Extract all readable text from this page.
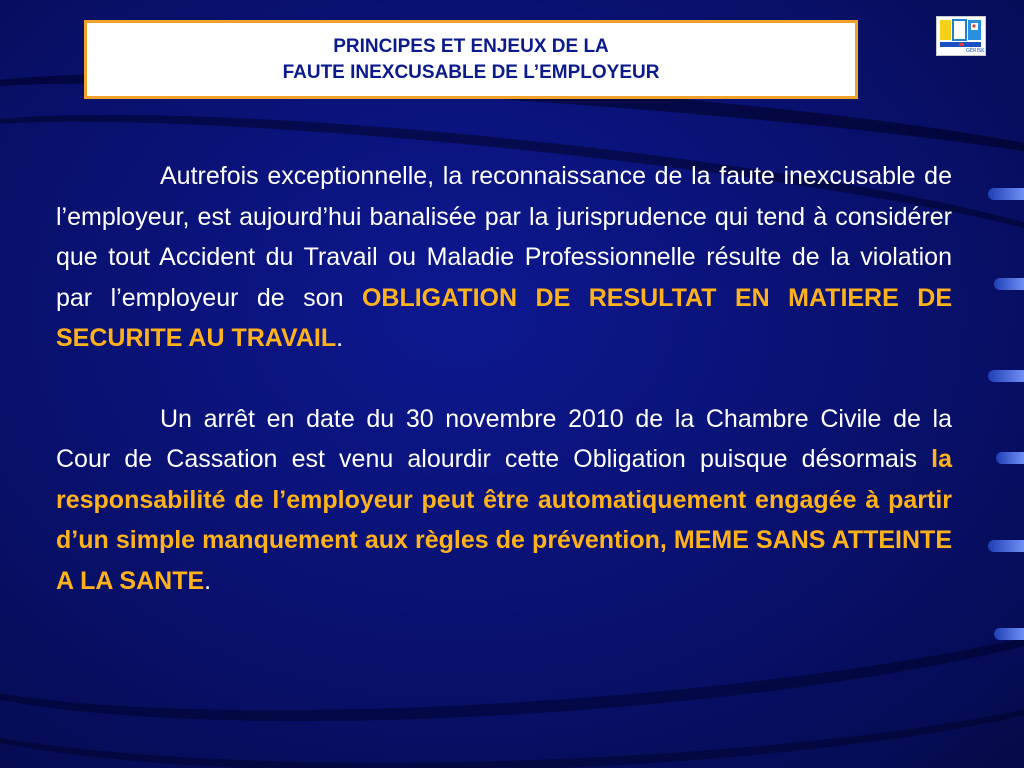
PRINCIPES ET ENJEUX DE LA
FAUTE INEXCUSABLE DE L’EMPLOYEUR
GÉRISK

Autrefois exceptionnelle, la reconnaissance de la faute inexcusable de l’employeur, est aujourd’hui banalisée par la jurisprudence qui tend à considérer que tout Accident du Travail ou Maladie Professionnelle résulte de la violation par l’employeur de son OBLIGATION DE RESULTAT EN MATIERE DE SECURITE AU TRAVAIL.

Un arrêt en date du 30 novembre 2010 de la Chambre Civile de la Cour de Cassation est venu alourdir cette Obligation puisque désormais la responsabilité de l’employeur peut être automatiquement engagée à partir d’un simple manquement aux règles de prévention, MEME SANS ATTEINTE A LA SANTE.
